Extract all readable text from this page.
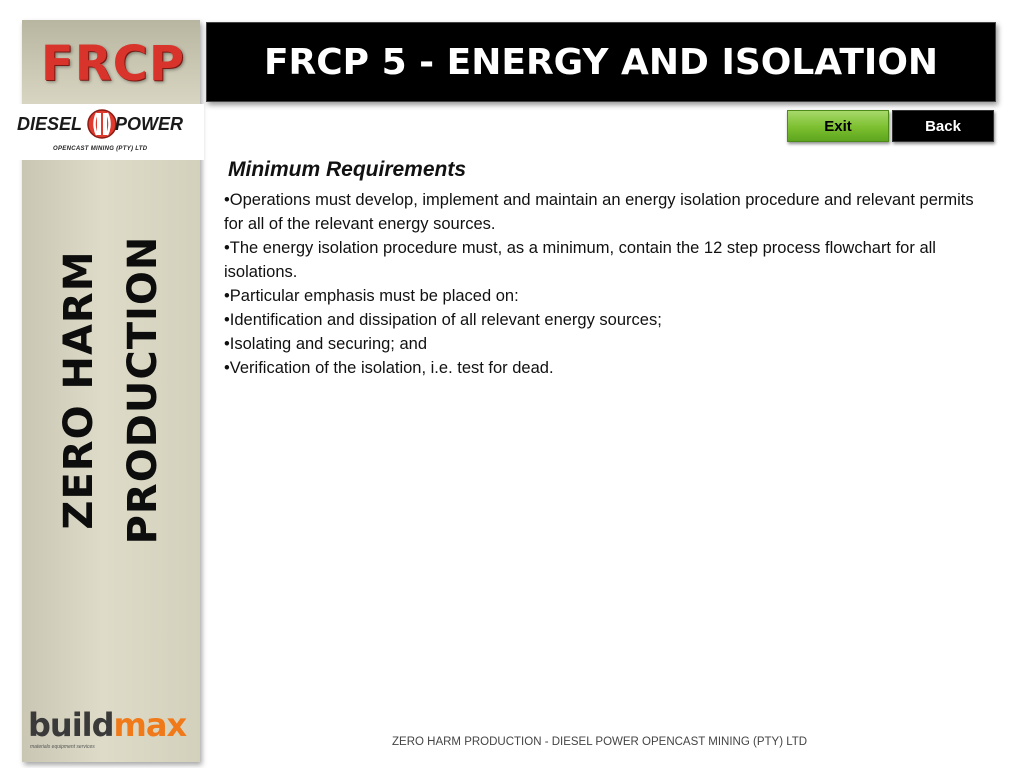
FRCP
DIESEL POWER
OPENCAST MINING (PTY) LTD
ZERO HARM PRODUCTION
buildmax
materials equipment services
FRCP 5 - ENERGY AND ISOLATION
Exit	Back
Minimum Requirements
•Operations must develop, implement and maintain an energy isolation procedure and relevant permits for all of the relevant energy sources.
•The energy isolation procedure must, as a minimum, contain the 12 step process flowchart for all isolations.
•Particular emphasis must be placed on:
•Identification and dissipation of all relevant energy sources;
•Isolating and securing; and
•Verification of the isolation, i.e. test for dead.
ZERO HARM PRODUCTION - DIESEL POWER OPENCAST MINING (PTY) LTD
